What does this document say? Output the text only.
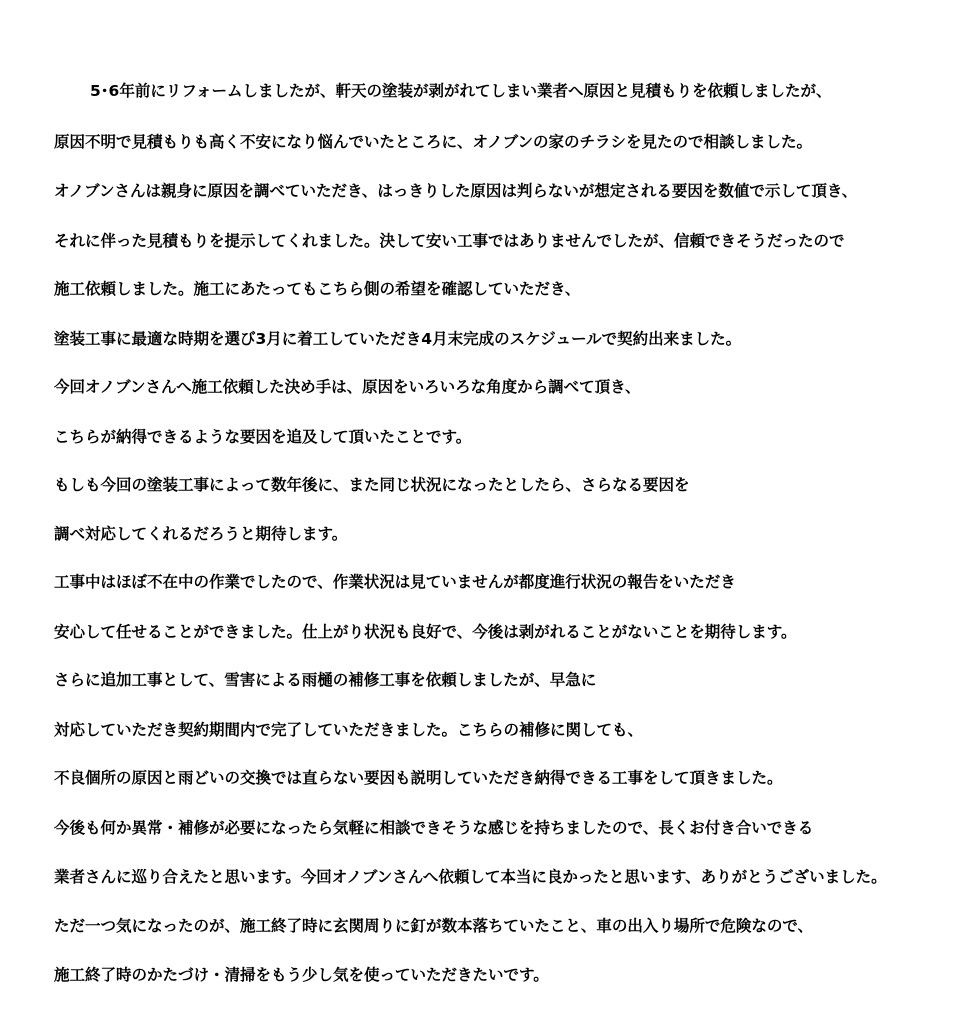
5･6年前にリフォームしましたが、軒天の塗装が剥がれてしまい業者へ原因と見積もりを依頼しましたが、

原因不明で見積もりも高く不安になり悩んでいたところに、オノブンの家のチラシを見たので相談しました。

オノブンさんは親身に原因を調べていただき、はっきりした原因は判らないが想定される要因を数値で示して頂き、

それに伴った見積もりを提示してくれました。決して安い工事ではありませんでしたが、信頼できそうだったので

施工依頼しました。施工にあたってもこちら側の希望を確認していただき、

塗装工事に最適な時期を選び3月に着工していただき4月末完成のスケジュールで契約出来ました。

今回オノブンさんへ施工依頼した決め手は、原因をいろいろな角度から調べて頂き、

こちらが納得できるような要因を追及して頂いたことです。

もしも今回の塗装工事によって数年後に、また同じ状況になったとしたら、さらなる要因を

調べ対応してくれるだろうと期待します。

工事中はほぼ不在中の作業でしたので、作業状況は見ていませんが都度進行状況の報告をいただき

安心して任せることができました。仕上がり状況も良好で、今後は剥がれることがないことを期待します。

さらに追加工事として、雪害による雨樋の補修工事を依頼しましたが、早急に

対応していただき契約期間内で完了していただきました。こちらの補修に関しても、

不良個所の原因と雨どいの交換では直らない要因も説明していただき納得できる工事をして頂きました。

今後も何か異常・補修が必要になったら気軽に相談できそうな感じを持ちましたので、長くお付き合いできる

業者さんに巡り合えたと思います。今回オノブンさんへ依頼して本当に良かったと思います、ありがとうございました。

ただ一つ気になったのが、施工終了時に玄関周りに釘が数本落ちていたこと、車の出入り場所で危険なので、

施工終了時のかたづけ・清掃をもう少し気を使っていただきたいです。
